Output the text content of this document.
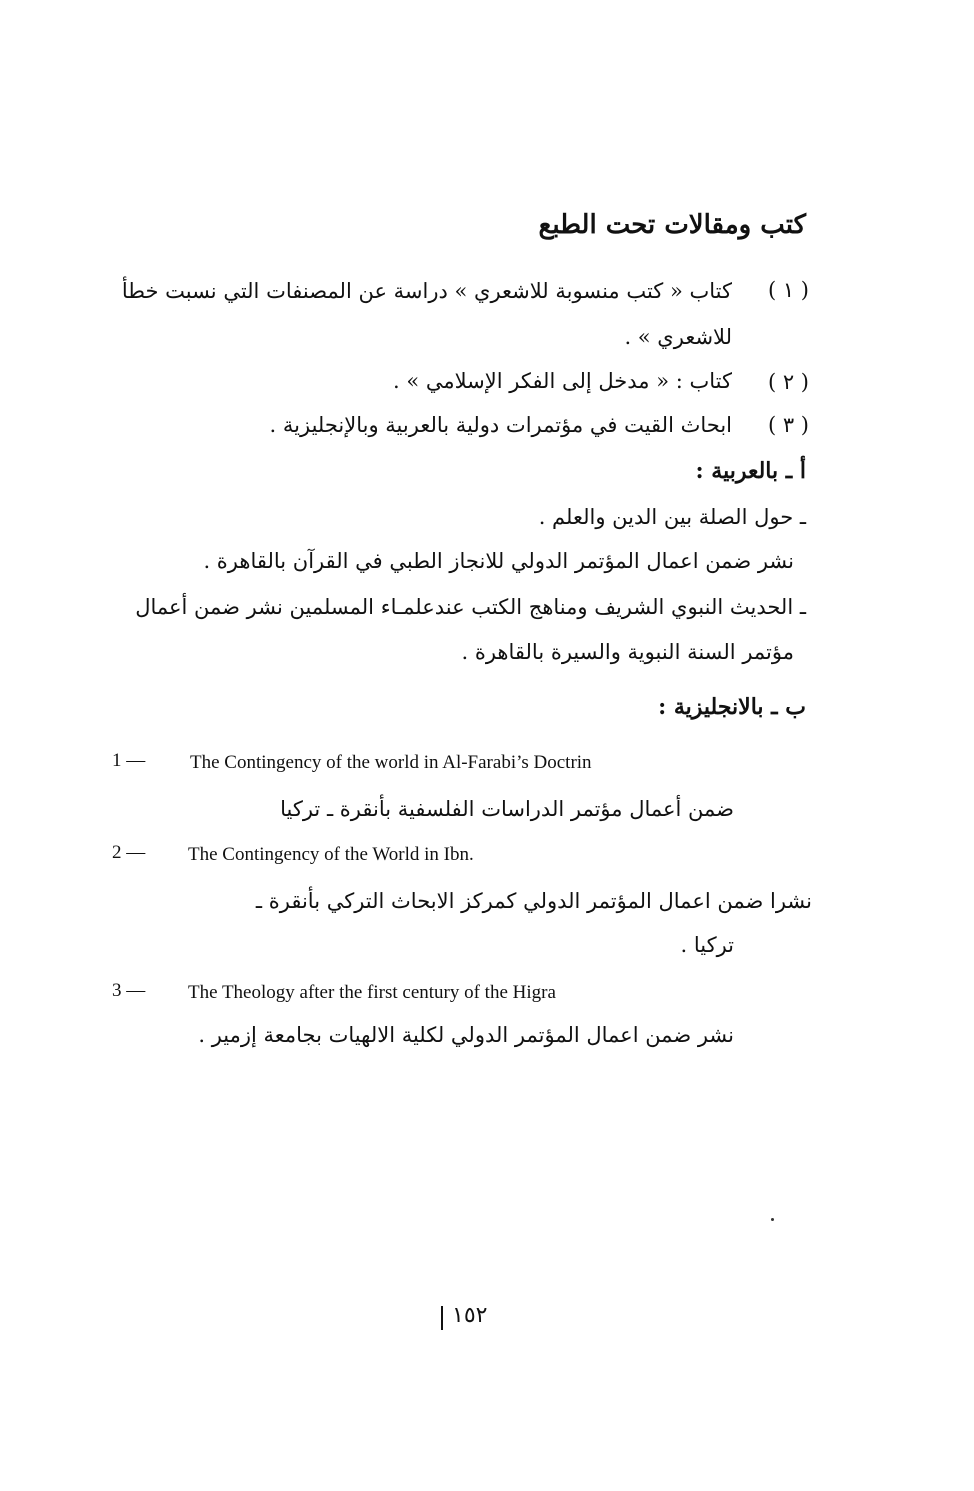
كتب ومقالات تحت الطبع
( ١ )
كتاب « كتب منسوبة للاشعري » دراسة عن المصنفات التي نسبت خطأ
للاشعري » .
( ٢ )
كتاب : « مدخل إلى الفكر الإسلامي » .
( ٣ )
ابحاث القيت في مؤتمرات دولية بالعربية وبالإنجليزية .
أ ـ بالعربية :
ـ حول الصلة بين الدين والعلم .
نشر ضمن اعمال المؤتمر الدولي للانجاز الطبي في القرآن بالقاهرة .
ـ الحديث النبوي الشريف ومناهج الكتب عندعلمـاء المسلمين نشر ضمن أعمال
مؤتمر السنة النبوية والسيرة بالقاهرة .
ب ـ بالانجليزية :
1 — The Contingency of the world in Al-Farabi’s Doctrin
ضمن أعمال مؤتمر الدراسات الفلسفية بأنقرة ـ تركيا
2 — The Contingency of the World in Ibn.
نشرا ضمن اعمال المؤتمر الدولي كمركز الابحاث التركي بأنقرة ـ
تركيا .
3 — The Theology after the first century of the Higra
نشر ضمن اعمال المؤتمر الدولي لكلية الالهيات بجامعة إزمير .
١٥٢
